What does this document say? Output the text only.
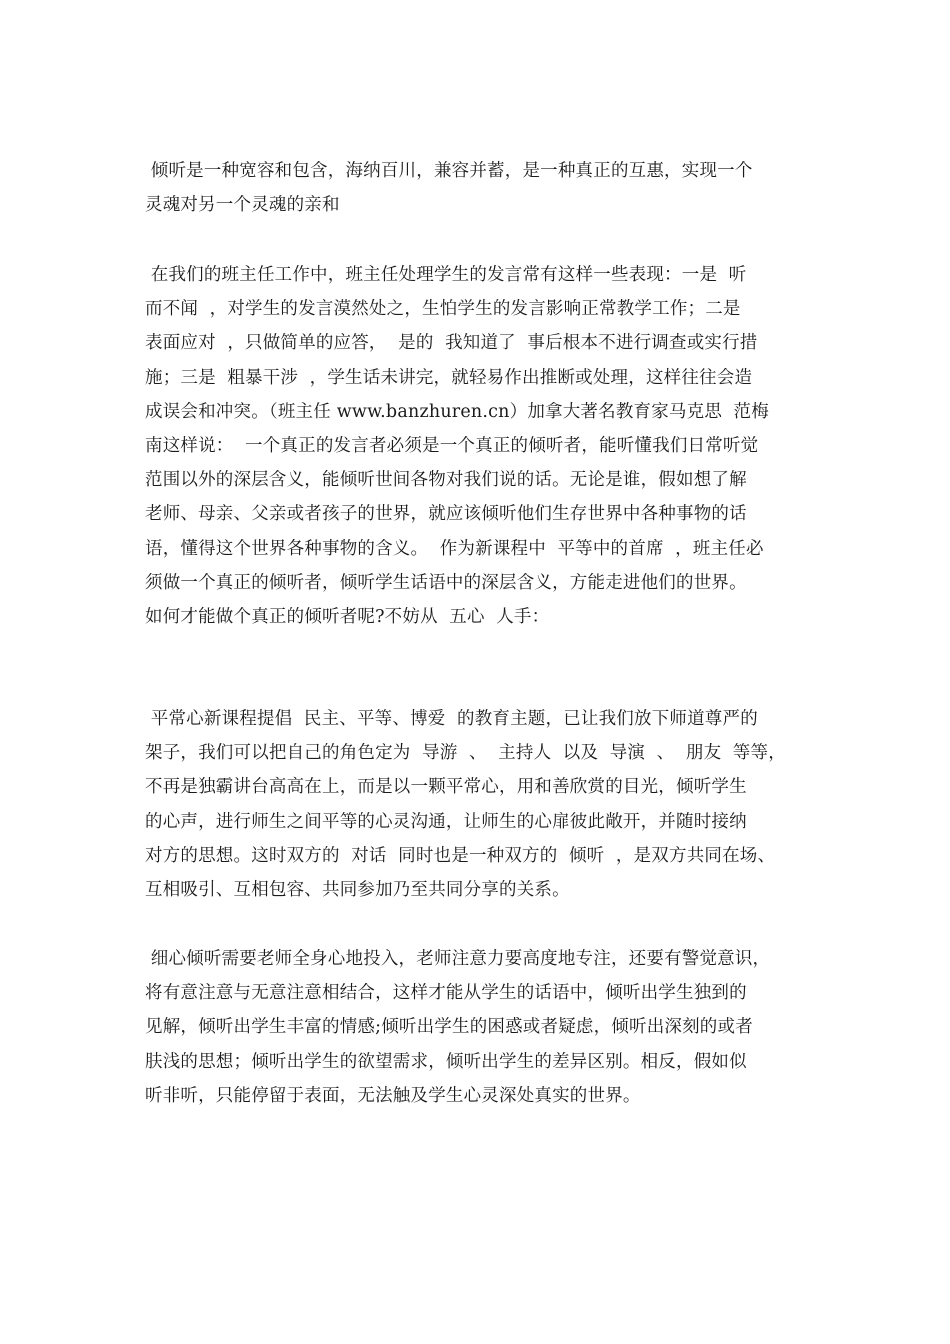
倾听是一种宽容和包含，海纳百川，兼容并蓄，是一种真正的互惠，实现一个
灵魂对另一个灵魂的亲和
在我们的班主任工作中，班主任处理学生的发言常有这样一些表现：一是  听
而不闻  ，对学生的发言漠然处之，生怕学生的发言影响正常教学工作；二是
表面应对  ，只做简单的应答，  是的  我知道了  事后根本不进行调查或实行措
施；三是  粗暴干涉  ，学生话未讲完，就轻易作出推断或处理，这样往往会造
成误会和冲突。（班主任 www.banzhuren.cn）加拿大著名教育家马克思  范梅
南这样说：  一个真正的发言者必须是一个真正的倾听者，能听懂我们日常听觉
范围以外的深层含义，能倾听世间各物对我们说的话。无论是谁，假如想了解
老师、母亲、父亲或者孩子的世界，就应该倾听他们生存世界中各种事物的话
语，懂得这个世界各种事物的含义。  作为新课程中  平等中的首席  ，班主任必
须做一个真正的倾听者，倾听学生话语中的深层含义，方能走进他们的世界。
如何才能做个真正的倾听者呢?不妨从  五心  人手：
平常心新课程提倡  民主、平等、博爱  的教育主题，已让我们放下师道尊严的
架子，我们可以把自己的角色定为  导游  、  主持人  以及  导演  、  朋友  等等，
不再是独霸讲台高高在上，而是以一颗平常心，用和善欣赏的目光，倾听学生
的心声，进行师生之间平等的心灵沟通，让师生的心扉彼此敞开，并随时接纳
对方的思想。这时双方的  对话  同时也是一种双方的  倾听  ，是双方共同在场、
互相吸引、互相包容、共同参加乃至共同分享的关系。
细心倾听需要老师全身心地投入，老师注意力要高度地专注，还要有警觉意识，
将有意注意与无意注意相结合，这样才能从学生的话语中，倾听出学生独到的
见解，倾听出学生丰富的情感;倾听出学生的困惑或者疑虑，倾听出深刻的或者
肤浅的思想；倾听出学生的欲望需求，倾听出学生的差异区别。相反，假如似
听非听，只能停留于表面，无法触及学生心灵深处真实的世界。
